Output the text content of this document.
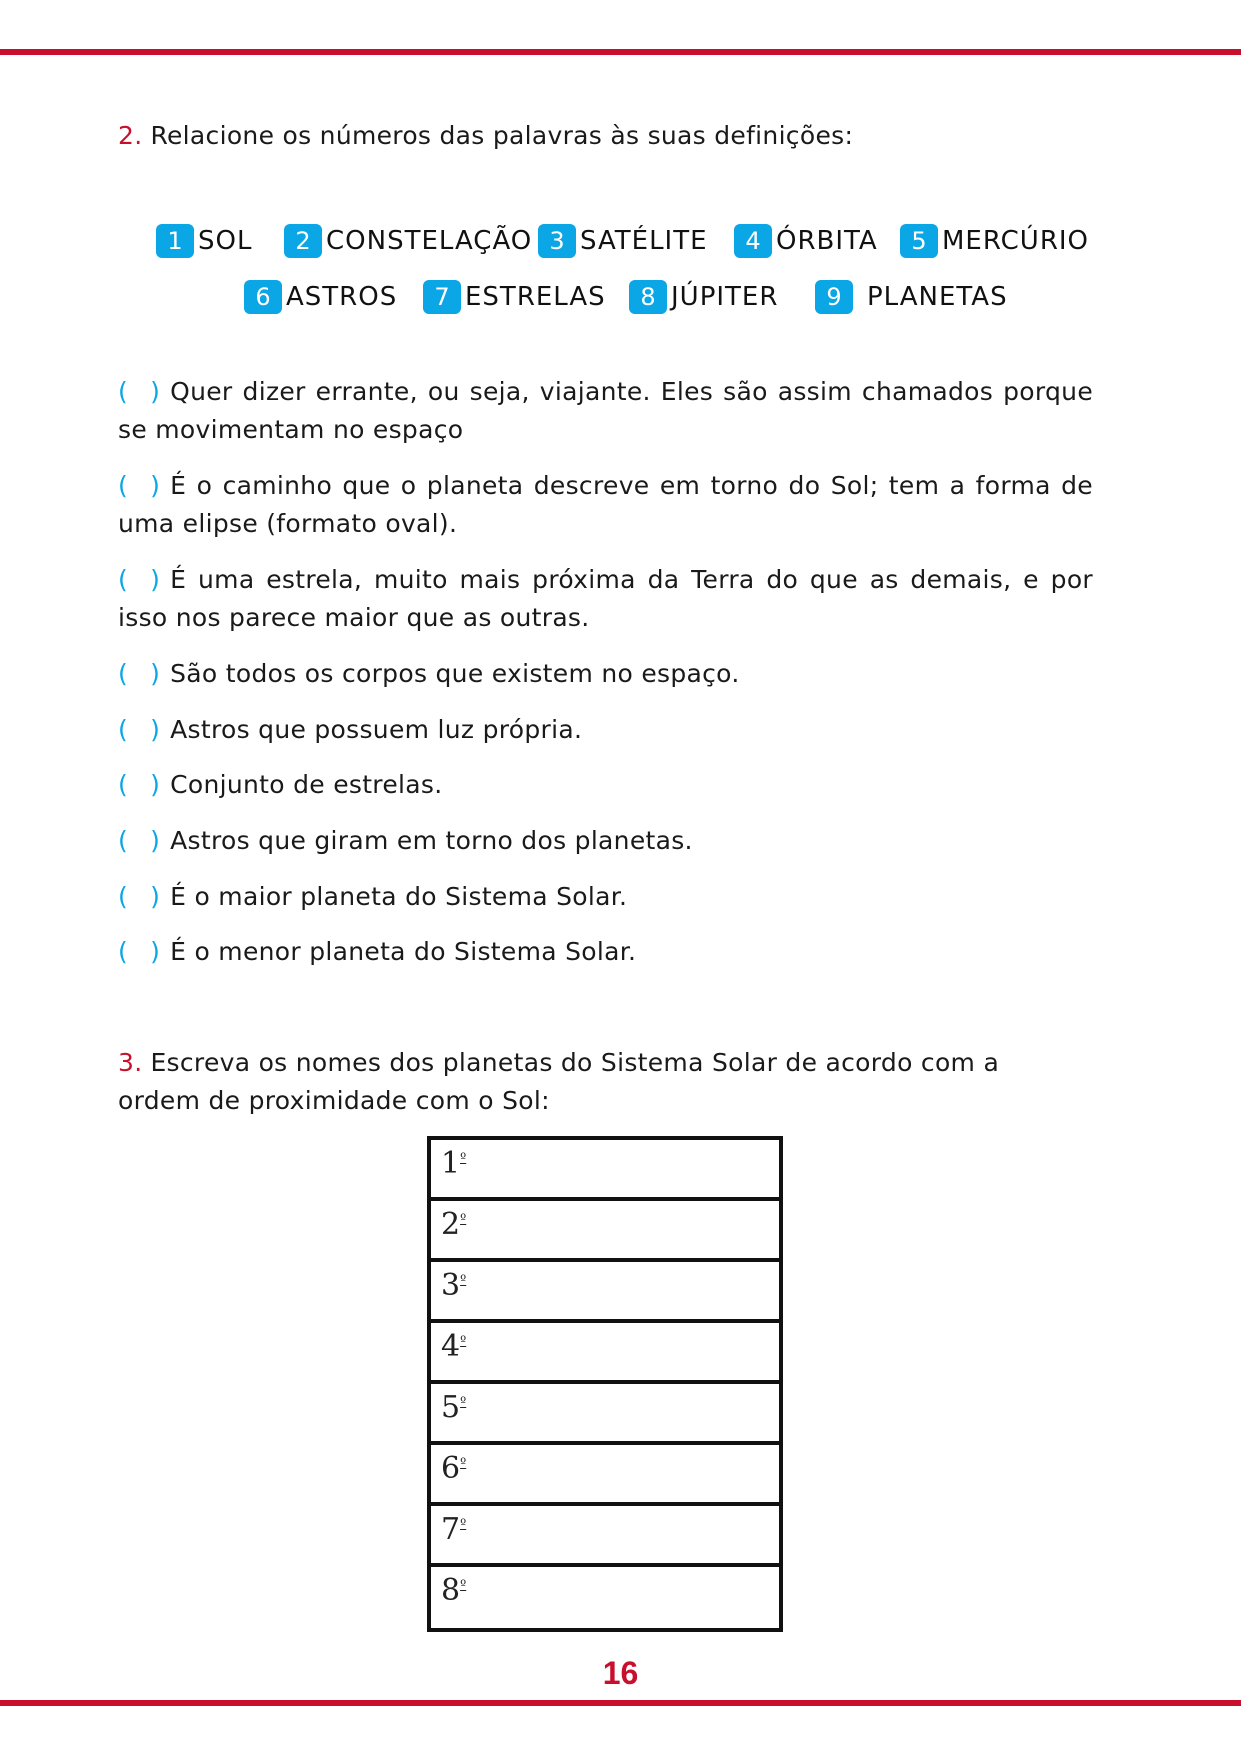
2. Relacione os números das palavras às suas definições:
1 SOL	2 CONSTELAÇÃO 3 SATÉLITE	4 ÓRBITA	5 MERCÚRIO
6 ASTROS	7 ESTRELAS	8 JÚPITER	9 PLANETAS
( ) Quer dizer errante, ou seja, viajante. Eles são assim chamados porque se movimentam no espaço
( ) É o caminho que o planeta descreve em torno do Sol; tem a forma de uma elipse (formato oval).
( ) É uma estrela, muito mais próxima da Terra do que as demais, e por isso nos parece maior que as outras.
( ) São todos os corpos que existem no espaço.
( ) Astros que possuem luz própria.
( ) Conjunto de estrelas.
( ) Astros que giram em torno dos planetas.
( ) É o maior planeta do Sistema Solar.
( ) É o menor planeta do Sistema Solar.
3. Escreva os nomes dos planetas do Sistema Solar de acordo com a ordem de proximidade com o Sol:
$1^º$
$2^º$
$3^º$
$4^º$
$5^º$
$6^º$
$7^º$
$8^º$
16
